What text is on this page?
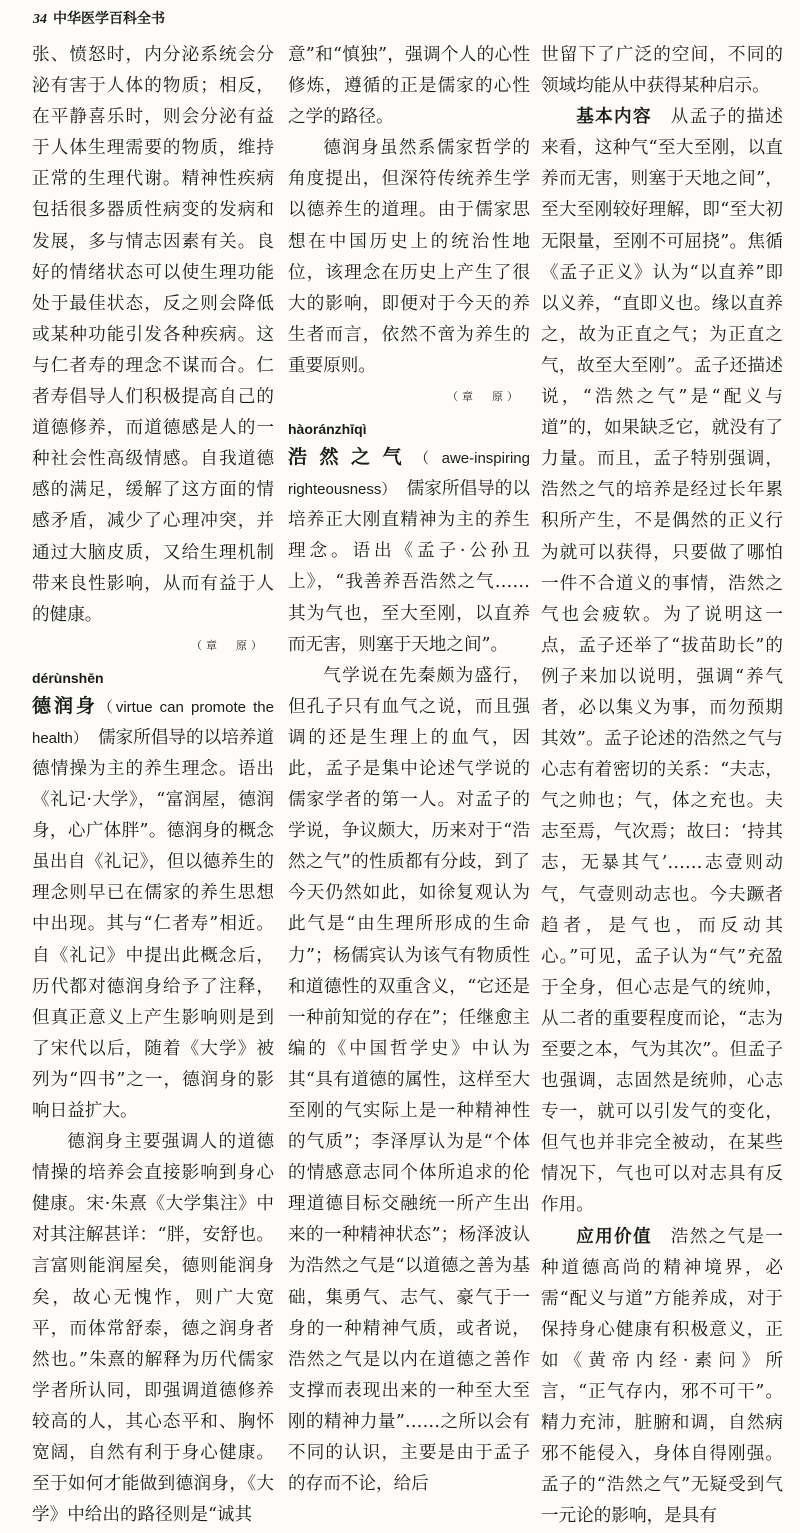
34 中华医学百科全书

张、愤怒时，内分泌系统会分泌有害于人体的物质；相反，在平静喜乐时，则会分泌有益于人体生理需要的物质，维持正常的生理代谢。精神性疾病包括很多器质性病变的发病和发展，多与情志因素有关。良好的情绪状态可以使生理功能处于最佳状态，反之则会降低或某种功能引发各种疾病。这与仁者寿的理念不谋而合。仁者寿倡导人们积极提高自己的道德修养，而道德感是人的一种社会性高级情感。自我道德感的满足，缓解了这方面的情感矛盾，减少了心理冲突，并通过大脑皮质，又给生理机制带来良性影响，从而有益于人的健康。

（章　原）
dérùnshēn

德润身（virtue can promote the health）　 儒家所倡导的以培养道德情操为主的养生理念。语出《礼记·大学》，“富润屋，德润身，心广体胖”。德润身的概念虽出自《礼记》，但以德养生的理念则早已在儒家的养生思想中出现。其与“仁者寿”相近。自《礼记》中提出此概念后，历代都对德润身给予了注释，但真正意义上产生影响则是到了宋代以后，随着《大学》被列为“四书”之一，德润身的影响日益扩大。

德润身主要强调人的道德情操的培养会直接影响到身心健康。宋·朱熹《大学集注》中对其注解甚详：“胖，安舒也。言富则能润屋矣，德则能润身矣，故心无愧怍，则广大宽平，而体常舒泰，德之润身者然也。”朱熹的解释为历代儒家学者所认同，即强调道德修养较高的人，其心态平和、胸怀宽阔，自然有利于身心健康。至于如何才能做到德润身，《大学》中给出的路径则是“诚其

意”和“慎独”，强调个人的心性修炼，遵循的正是儒家的心性之学的路径。

德润身虽然系儒家哲学的角度提出，但深符传统养生学以德养生的道理。由于儒家思想在中国历史上的统治性地位，该理念在历史上产生了很大的影响，即便对于今天的养生者而言，依然不啻为养生的重要原则。

（章　原）
hàoránzhīqì

浩然之气（awe-inspiring righteousness）　 儒家所倡导的以培养正大刚直精神为主的养生理念。语出《孟子·公孙丑上》，“我善养吾浩然之气……其为气也，至大至刚，以直养而无害，则塞于天地之间”。

气学说在先秦颇为盛行，但孔子只有血气之说，而且强调的还是生理上的血气，因此，孟子是集中论述气学说的儒家学者的第一人。对孟子的学说，争议颇大，历来对于“浩然之气”的性质都有分歧，到了今天仍然如此，如徐复观认为此气是“由生理所形成的生命力”；杨儒宾认为该气有物质性和道德性的双重含义，“它还是一种前知觉的存在”；任继愈主编的《中国哲学史》中认为其“具有道德的属性，这样至大至刚的气实际上是一种精神性的气质”；李泽厚认为是“个体的情感意志同个体所追求的伦理道德目标交融统一所产生出来的一种精神状态”；杨泽波认为浩然之气是“以道德之善为基础，集勇气、志气、豪气于一身的一种精神气质，或者说，浩然之气是以内在道德之善作支撑而表现出来的一种至大至刚的精神力量”……之所以会有不同的认识，主要是由于孟子的存而不论，给后

世留下了广泛的空间，不同的领域均能从中获得某种启示。

基本内容　 从孟子的描述来看，这种气“至大至刚，以直养而无害，则塞于天地之间”，至大至刚较好理解，即“至大初无限量，至刚不可屈挠”。焦循《孟子正义》认为“以直养”即以义养，“直即义也。缘以直养之，故为正直之气；为正直之气，故至大至刚”。孟子还描述说，“浩然之气”是“配义与道”的，如果缺乏它，就没有了力量。而且，孟子特别强调，浩然之气的培养是经过长年累积所产生，不是偶然的正义行为就可以获得，只要做了哪怕一件不合道义的事情，浩然之气也会疲软。为了说明这一点，孟子还举了“拔苗助长”的例子来加以说明，强调“养气者，必以集义为事，而勿预期其效”。孟子论述的浩然之气与心志有着密切的关系：“夫志，气之帅也；气，体之充也。夫志至焉，气次焉；故曰：‘持其志，无暴其气’……志壹则动气，气壹则动志也。今夫蹶者趋者，是气也，而反动其心。”可见，孟子认为“气”充盈于全身，但心志是气的统帅，从二者的重要程度而论，“志为至要之本，气为其次”。但孟子也强调，志固然是统帅，心志专一，就可以引发气的变化，但气也并非完全被动，在某些情况下，气也可以对志具有反作用。

应用价值　 浩然之气是一种道德高尚的精神境界，必需“配义与道”方能养成，对于保持身心健康有积极意义，正如《黄帝内经·素问》所言，“正气存内，邪不可干”。精力充沛，脏腑和调，自然病邪不能侵入，身体自得刚强。孟子的“浩然之气”无疑受到气一元论的影响，是具有
